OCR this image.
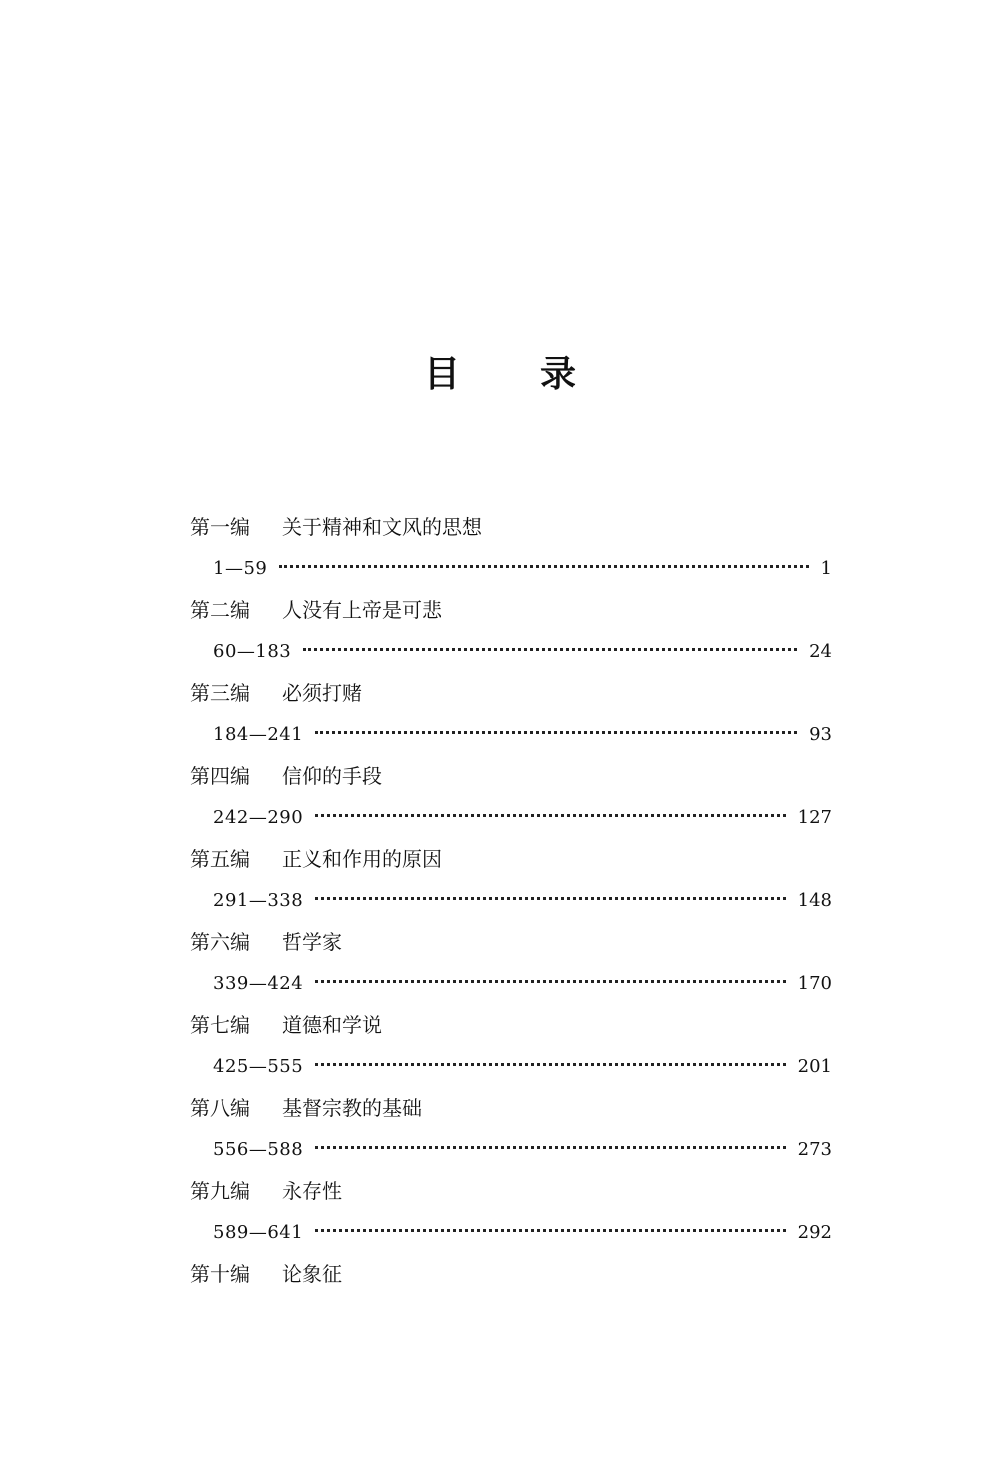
目 录
第一编 关于精神和文风的思想
1—59	1
第二编 人没有上帝是可悲
60—183	24
第三编 必须打赌
184—241	93
第四编 信仰的手段
242—290	127
第五编 正义和作用的原因
291—338	148
第六编 哲学家
339—424	170
第七编 道德和学说
425—555	201
第八编 基督宗教的基础
556—588	273
第九编 永存性
589—641	292
第十编 论象征
